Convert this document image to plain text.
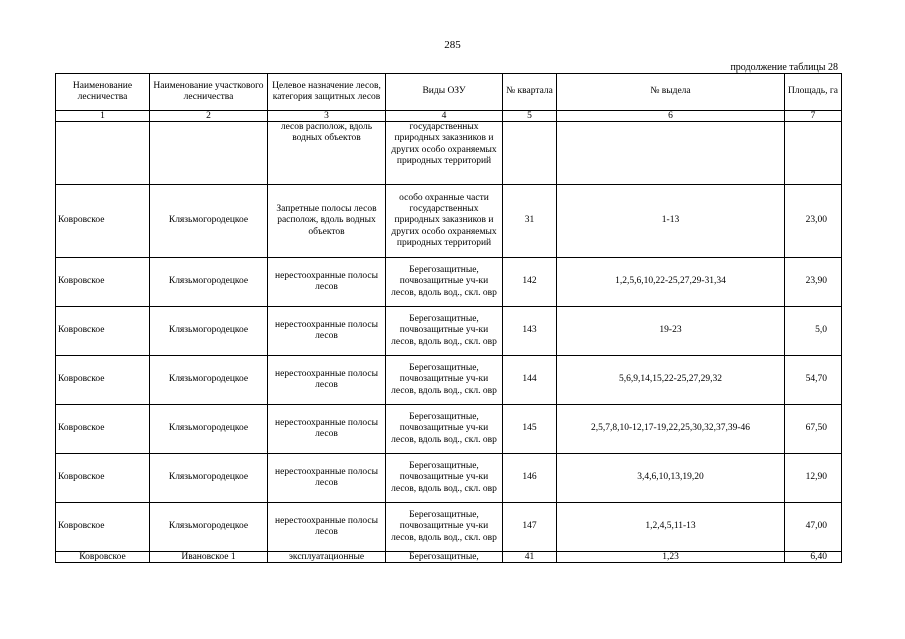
285
продолжение таблицы 28
Наименование лесничества	Наименование участкового лесничества	Целевое назначение лесов, категория защитных лесов	Виды ОЗУ	№ квартала	№ выдела	Площадь, га
1	2	3	4	5	6	7
		лесов располож, вдоль водных объектов	государственных природных заказников и других особо охраняемых природных территорий			
Ковровское	Клязьмогородецкое	Запретные полосы лесов располож, вдоль водных объектов	особо охранные части государственных природных заказников и других особо охраняемых природных территорий	31	1-13	23,00
Ковровское	Клязьмогородецкое	нерестоохранные полосы лесов	Берегозащитные, почвозащитные уч-ки лесов, вдоль вод., скл. овр	142	1,2,5,6,10,22-25,27,29-31,34	23,90
Ковровское	Клязьмогородецкое	нерестоохранные полосы лесов	Берегозащитные, почвозащитные уч-ки лесов, вдоль вод., скл. овр	143	19-23	5,0
Ковровское	Клязьмогородецкое	нерестоохранные полосы лесов	Берегозащитные, почвозащитные уч-ки лесов, вдоль вод., скл. овр	144	5,6,9,14,15,22-25,27,29,32	54,70
Ковровское	Клязьмогородецкое	нерестоохранные полосы лесов	Берегозащитные, почвозащитные уч-ки лесов, вдоль вод., скл. овр	145	2,5,7,8,10-12,17-19,22,25,30,32,37,39-46	67,50
Ковровское	Клязьмогородецкое	нерестоохранные полосы лесов	Берегозащитные, почвозащитные уч-ки лесов, вдоль вод., скл. овр	146	3,4,6,10,13,19,20	12,90
Ковровское	Клязьмогородецкое	нерестоохранные полосы лесов	Берегозащитные, почвозащитные уч-ки лесов, вдоль вод., скл. овр	147	1,2,4,5,11-13	47,00
Ковровское	Ивановское 1	эксплуатационные	Берегозащитные,	41	1,23	6,40
